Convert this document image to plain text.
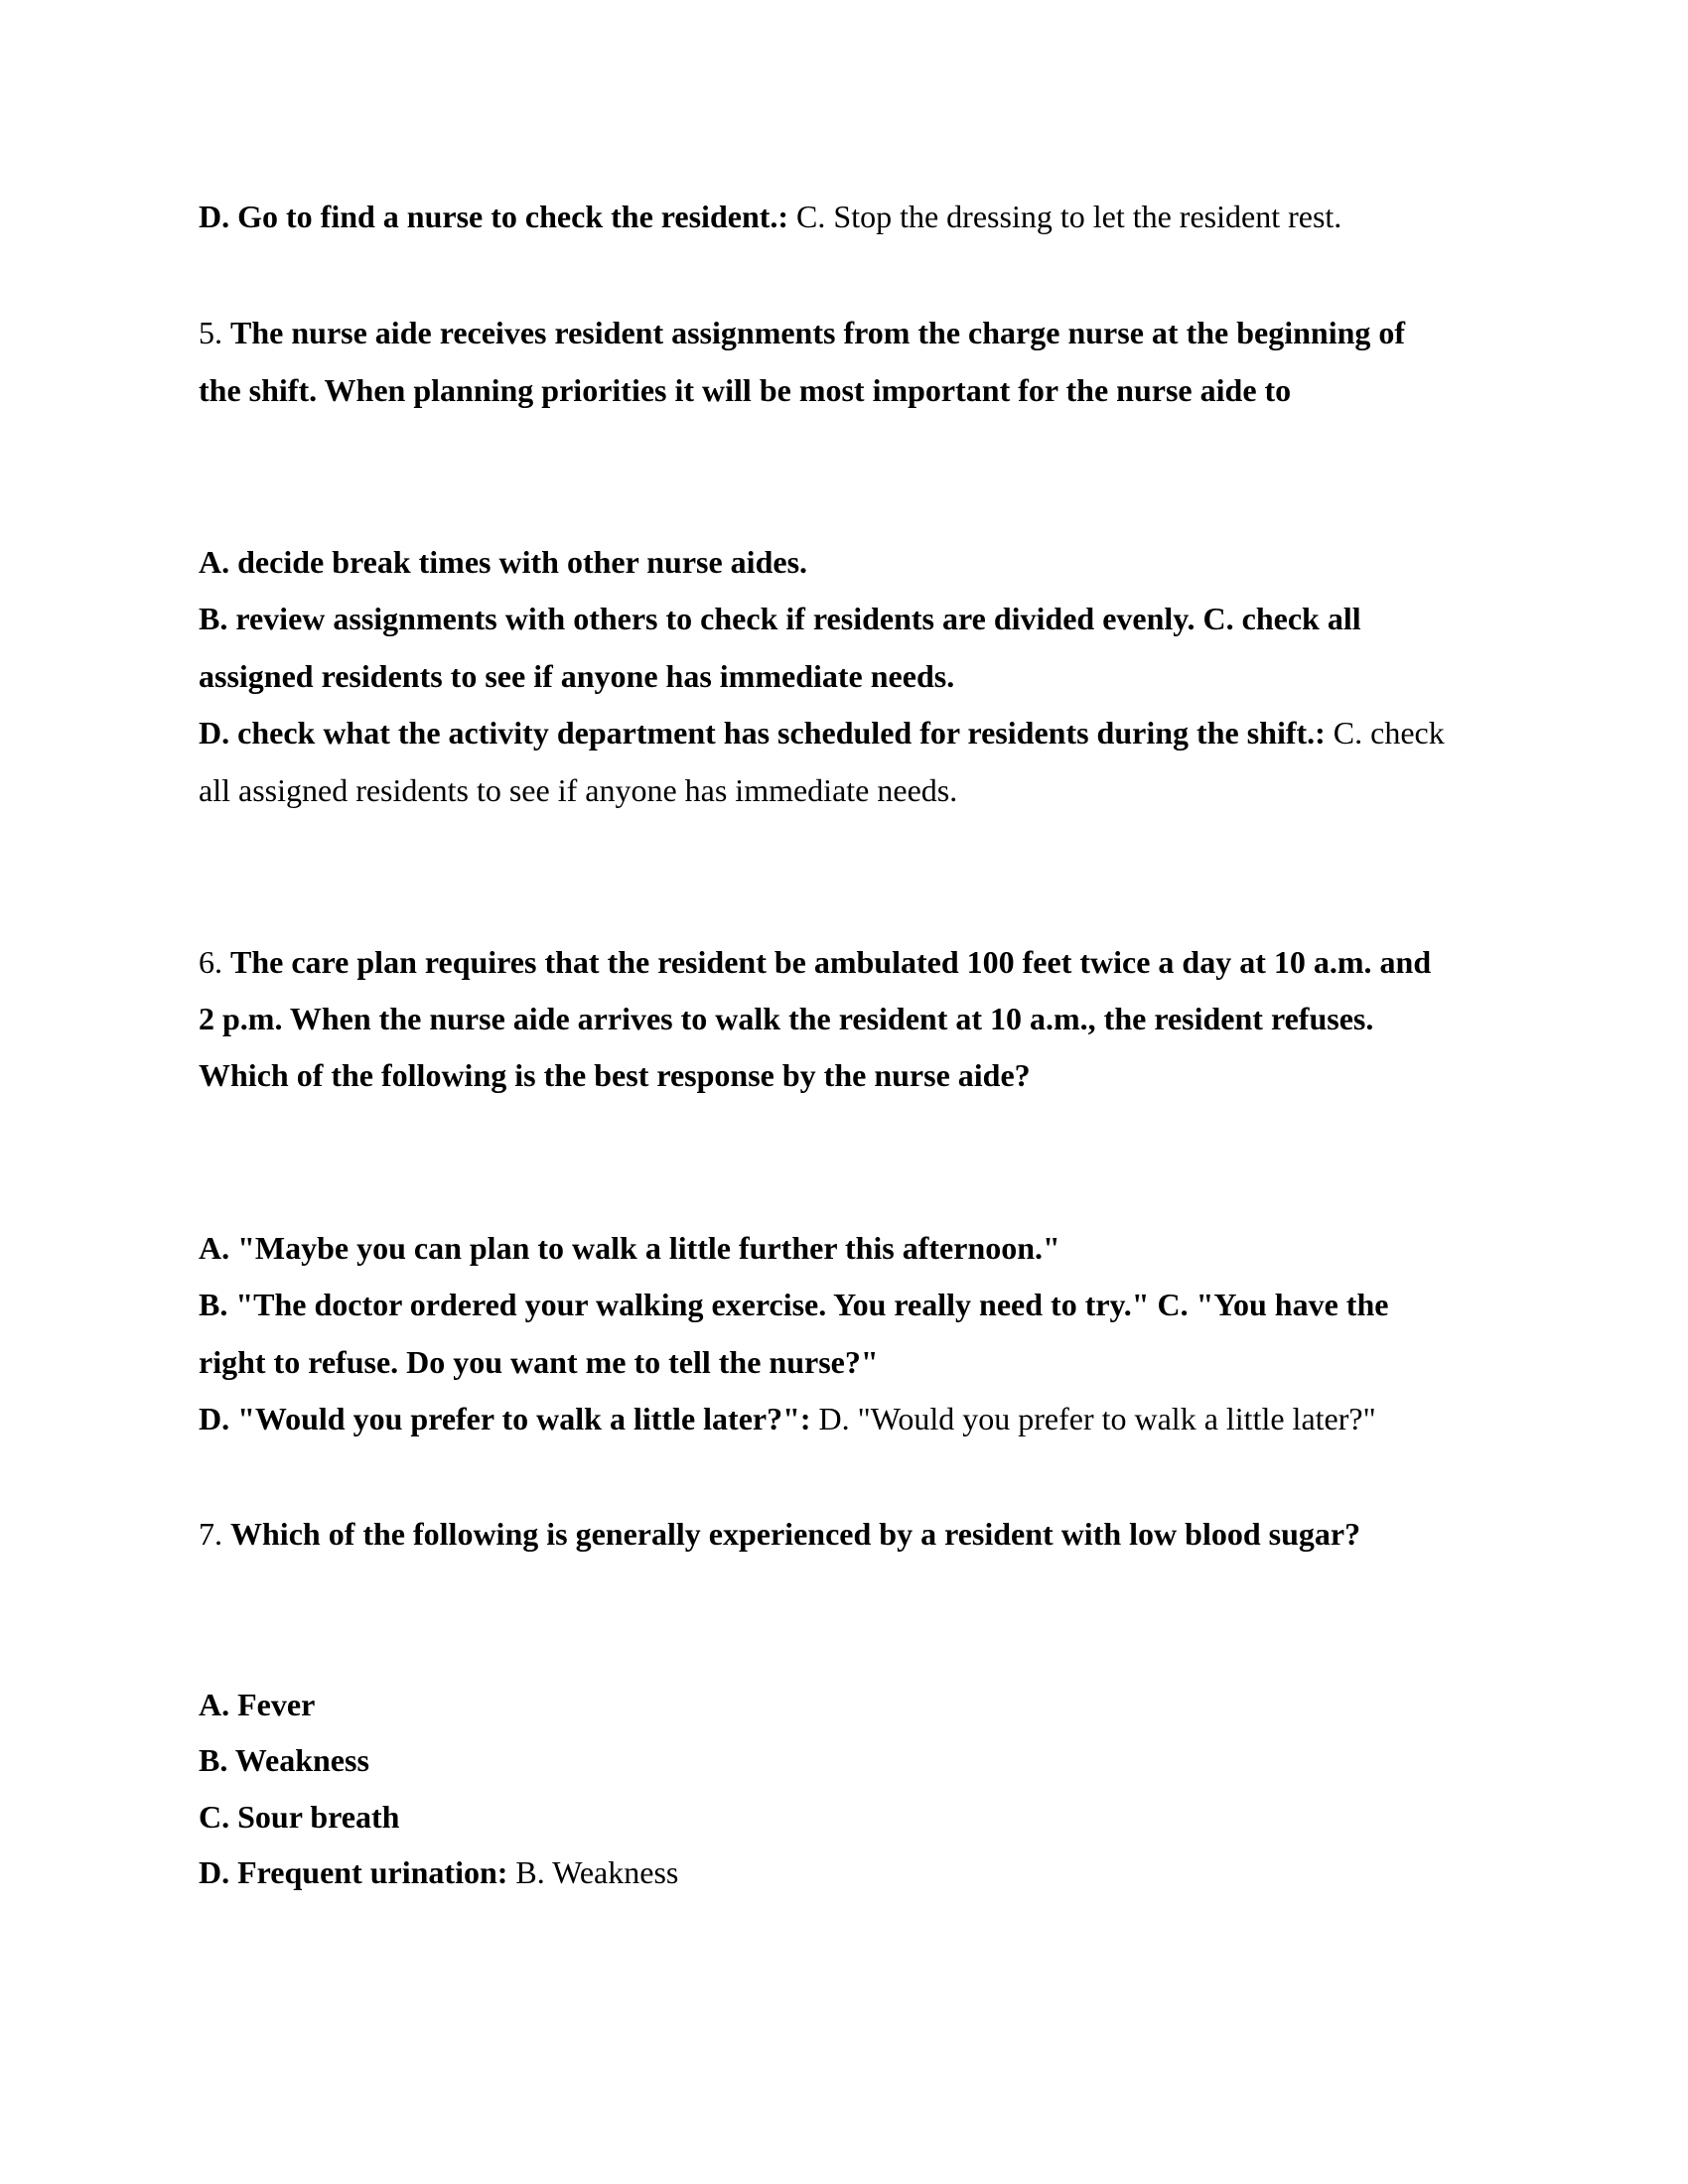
D. Go to find a nurse to check the resident.: C. Stop the dressing to let the resident rest.
5. The nurse aide receives resident assignments from the charge nurse at the beginning of
the shift. When planning priorities it will be most important for the nurse aide to
A. decide break times with other nurse aides.
B. review assignments with others to check if residents are divided evenly. C. check all
assigned residents to see if anyone has immediate needs.
D. check what the activity department has scheduled for residents during the shift.: C. check
all assigned residents to see if anyone has immediate needs.
6. The care plan requires that the resident be ambulated 100 feet twice a day at 10 a.m. and
2 p.m. When the nurse aide arrives to walk the resident at 10 a.m., the resident refuses.
Which of the following is the best response by the nurse aide?
A. "Maybe you can plan to walk a little further this afternoon."
B. "The doctor ordered your walking exercise. You really need to try." C. "You have the
right to refuse. Do you want me to tell the nurse?"
D. "Would you prefer to walk a little later?": D. "Would you prefer to walk a little later?"
7. Which of the following is generally experienced by a resident with low blood sugar?
A. Fever
B. Weakness
C. Sour breath
D. Frequent urination: B. Weakness
